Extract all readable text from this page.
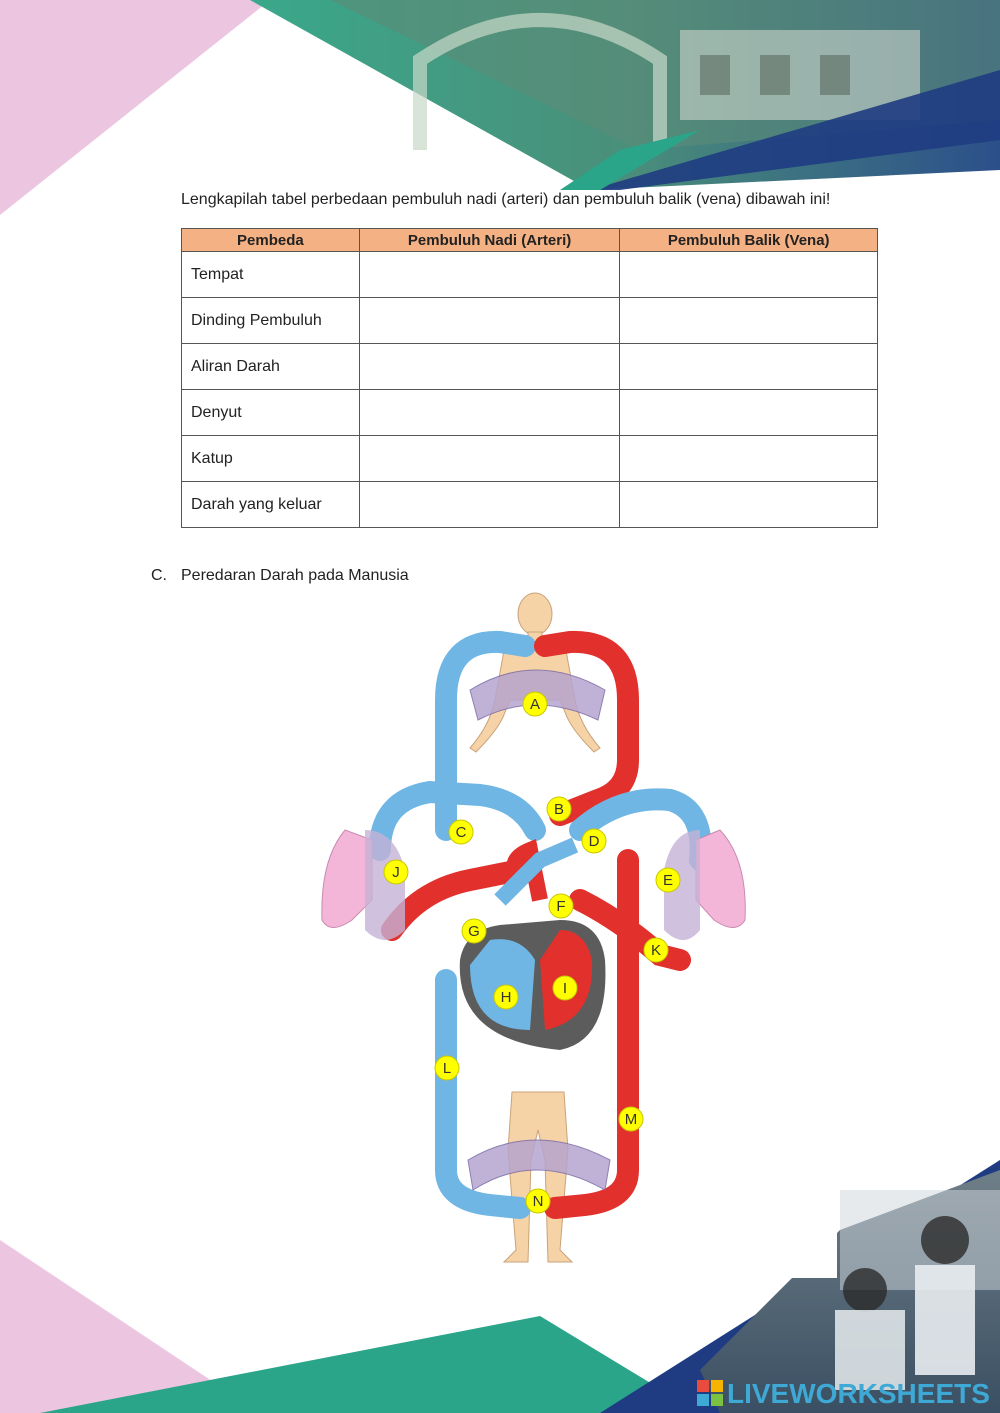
Lengkapilah tabel perbedaan pembuluh nadi (arteri) dan pembuluh balik (vena) dibawah ini!
Pembeda	Pembuluh Nadi (Arteri)	Pembuluh Balik (Vena)
Tempat		
Dinding Pembuluh		
Aliran Darah		
Denyut		
Katup		
Darah yang keluar		
C. Peredaran Darah pada Manusia
A
B
C
D
E
F
G
H
I
J
K
L
M
N
LIVEWORKSHEETS
